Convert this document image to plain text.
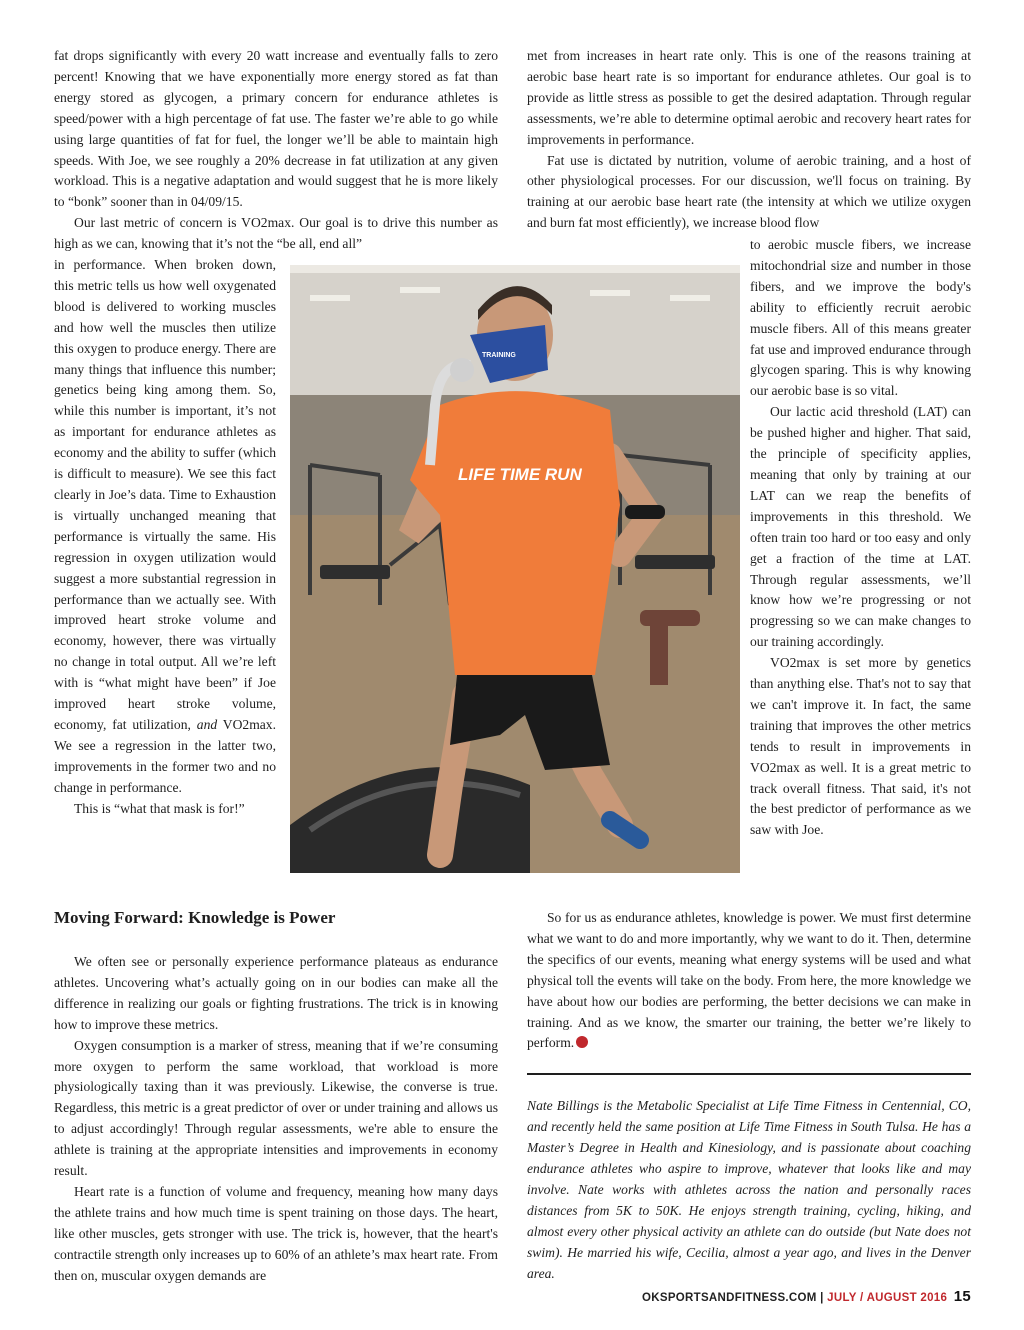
fat drops significantly with every 20 watt increase and eventually falls to zero percent! Knowing that we have exponentially more energy stored as fat than energy stored as glycogen, a primary concern for endurance athletes is speed/power with a high percentage of fat use. The faster we’re able to go while using large quantities of fat for fuel, the longer we’ll be able to maintain high speeds. With Joe, we see roughly a 20% decrease in fat utilization at any given workload. This is a negative adaptation and would suggest that he is more likely to “bonk” sooner than in 04/09/15.

Our last metric of concern is VO2max. Our goal is to drive this number as high as we can, knowing that it’s not the “be all, end all”

in performance. When broken down, this metric tells us how well oxygenated blood is delivered to working muscles and how well the muscles then utilize this oxygen to produce energy. There are many things that influence this number; genetics being king among them. So, while this number is important, it’s not as important for endurance athletes as economy and the ability to suffer (which is difficult to measure). We see this fact clearly in Joe’s data. Time to Exhaustion is virtually unchanged meaning that performance is virtually the same. His regression in oxygen utilization would suggest a more substantial regression in performance than we actually see. With improved heart stroke volume and economy, however, there was virtually no change in total output. All we’re left with is “what might have been” if Joe improved heart stroke volume, economy, fat utilization, and VO2max. We see a regression in the latter two, improvements in the former two and no change in performance.

This is “what that mask is for!”

LIFE TIME RUN
TRAINING

met from increases in heart rate only. This is one of the reasons training at aerobic base heart rate is so important for endurance athletes. Our goal is to provide as little stress as possible to get the desired adaptation. Through regular assessments, we’re able to determine optimal aerobic and recovery heart rates for improvements in performance.

Fat use is dictated by nutrition, volume of aerobic training, and a host of other physiological processes. For our discussion, we'll focus on training. By training at our aerobic base heart rate (the intensity at which we utilize oxygen and burn fat most efficiently), we increase blood flow

to aerobic muscle fibers, we increase mitochondrial size and number in those fibers, and we improve the body's ability to efficiently recruit aerobic muscle fibers. All of this means greater fat use and improved endurance through glycogen sparing. This is why knowing our aerobic base is so vital.

Our lactic acid threshold (LAT) can be pushed higher and higher. That said, the principle of specificity applies, meaning that only by training at our LAT can we reap the benefits of improvements in this threshold. We often train too hard or too easy and only get a fraction of the time at LAT. Through regular assessments, we’ll know how we’re progressing or not progressing so we can make changes to our training accordingly.

VO2max is set more by genetics than anything else. That's not to say that we can't improve it. In fact, the same training that improves the other metrics tends to result in improvements in VO2max as well. It is a great metric to track overall fitness. That said, it's not the best predictor of performance as we saw with Joe.

Moving Forward: Knowledge is Power

We often see or personally experience performance plateaus as endurance athletes. Uncovering what’s actually going on in our bodies can make all the difference in realizing our goals or fighting frustrations. The trick is in knowing how to improve these metrics.

Oxygen consumption is a marker of stress, meaning that if we’re consuming more oxygen to perform the same workload, that workload is more physiologically taxing than it was previously. Likewise, the converse is true. Regardless, this metric is a great predictor of over or under training and allows us to adjust accordingly! Through regular assessments, we're able to ensure the athlete is training at the appropriate intensities and improvements in economy result.

Heart rate is a function of volume and frequency, meaning how many days the athlete trains and how much time is spent training on those days. The heart, like other muscles, gets stronger with use. The trick is, however, that the heart's contractile strength only increases up to 60% of an athlete’s max heart rate. From then on, muscular oxygen demands are

So for us as endurance athletes, knowledge is power. We must first determine what we want to do and more importantly, why we want to do it. Then, determine the specifics of our events, meaning what energy systems will be used and what physical toll the events will take on the body. From here, the more knowledge we have about how our bodies are performing, the better decisions we can make in training. And as we know, the smarter our training, the better we’re likely to perform.

Nate Billings is the Metabolic Specialist at Life Time Fitness in Centennial, CO, and recently held the same position at Life Time Fitness in South Tulsa. He has a Master’s Degree in Health and Kinesiology, and is passionate about coaching endurance athletes who aspire to improve, whatever that looks like and may involve. Nate works with athletes across the nation and personally races distances from 5K to 50K. He enjoys strength training, cycling, hiking, and almost every other physical activity an athlete can do outside (but Nate does not swim). He married his wife, Cecilia, almost a year ago, and lives in the Denver area.

OKSPORTSANDFITNESS.COM | JULY / AUGUST 2016 15
